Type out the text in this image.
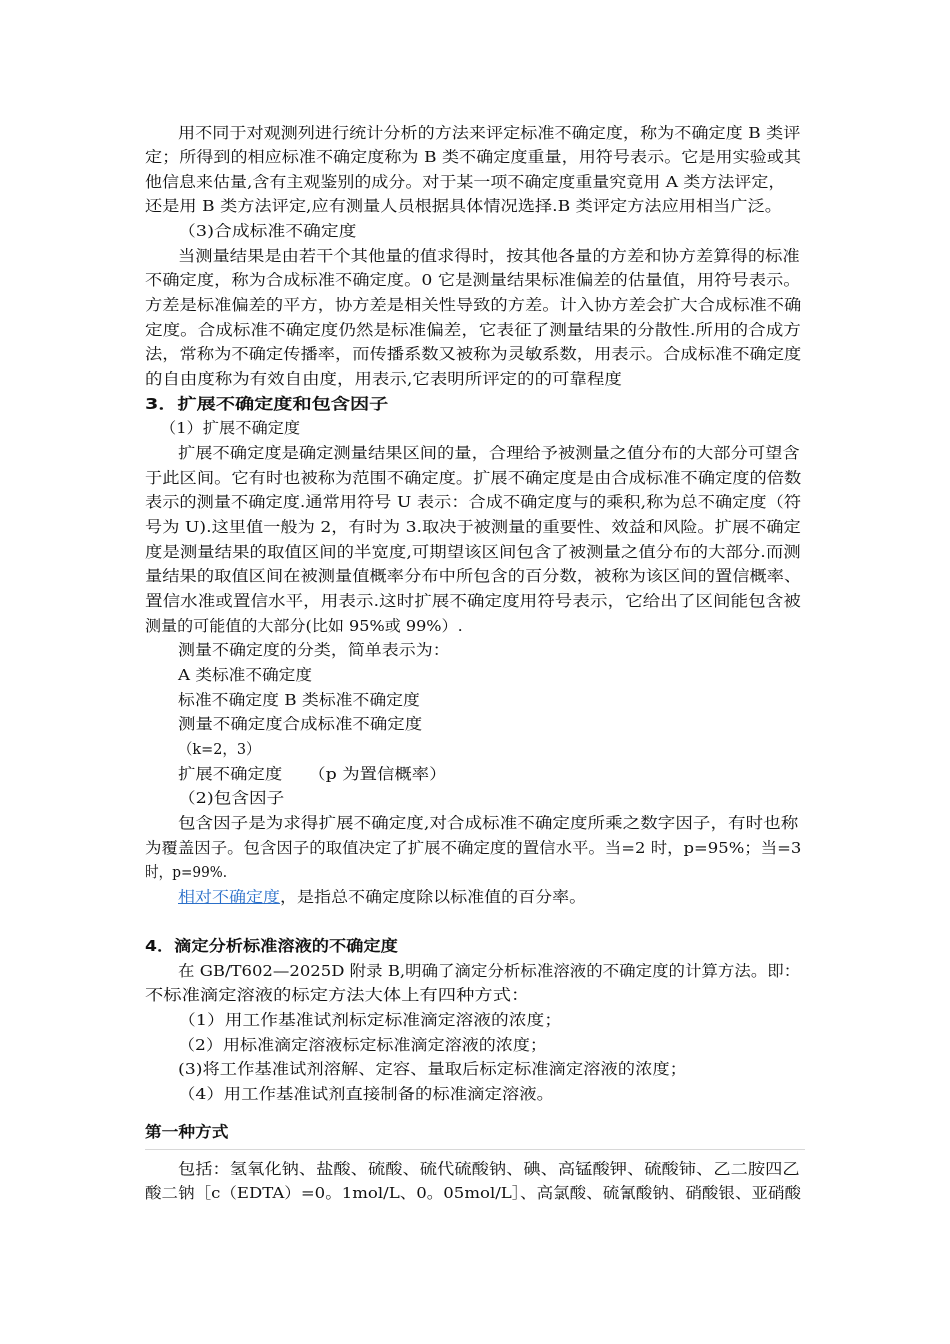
用不同于对观测列进行统计分析的方法来评定标准不确定度，称为不确定度 B 类评
定；所得到的相应标准不确定度称为 B 类不确定度重量，用符号表示。它是用实验或其
他信息来估量,含有主观鉴别的成分。对于某一项不确定度重量究竟用 A 类方法评定，
还是用 B 类方法评定,应有测量人员根据具体情况选择.B 类评定方法应用相当广泛。
（3)合成标准不确定度
当测量结果是由若干个其他量的值求得时，按其他各量的方差和协方差算得的标准
不确定度，称为合成标准不确定度。0 它是测量结果标准偏差的估量值，用符号表示。
方差是标准偏差的平方，协方差是相关性导致的方差。计入协方差会扩大合成标准不确
定度。合成标准不确定度仍然是标准偏差，它表征了测量结果的分散性.所用的合成方
法，常称为不确定传播率，而传播系数又被称为灵敏系数，用表示。合成标准不确定度
的自由度称为有效自由度，用表示,它表明所评定的的可靠程度
3．扩展不确定度和包含因子
（1）扩展不确定度
扩展不确定度是确定测量结果区间的量，合理给予被测量之值分布的大部分可望含
于此区间。它有时也被称为范围不确定度。扩展不确定度是由合成标准不确定度的倍数
表示的测量不确定度.通常用符号 U 表示：合成不确定度与的乘积,称为总不确定度（符
号为 U).这里值一般为 2，有时为 3.取决于被测量的重要性、效益和风险。扩展不确定
度是测量结果的取值区间的半宽度,可期望该区间包含了被测量之值分布的大部分.而测
量结果的取值区间在被测量值概率分布中所包含的百分数，被称为该区间的置信概率、
置信水准或置信水平，用表示.这时扩展不确定度用符号表示，它给出了区间能包含被
测量的可能值的大部分(比如 95%或 99%）.
测量不确定度的分类，简单表示为：
A 类标准不确定度
标准不确定度 B 类标准不确定度
测量不确定度合成标准不确定度
（k=2，3）
扩展不确定度　　（p 为置信概率）
（2)包含因子
包含因子是为求得扩展不确定度,对合成标准不确定度所乘之数字因子，有时也称
为覆盖因子。包含因子的取值决定了扩展不确定度的置信水平。当=2 时，p=95%；当=3
时，p=99%.
相对不确定度，是指总不确定度除以标准值的百分率。
4．滴定分析标准溶液的不确定度
在 GB/T602—2025D 附录 B,明确了滴定分析标准溶液的不确定度的计算方法。即：
不标准滴定溶液的标定方法大体上有四种方式：
（1）用工作基准试剂标定标准滴定溶液的浓度；
（2）用标准滴定溶液标定标准滴定溶液的浓度；
(3)将工作基准试剂溶解、定容、量取后标定标准滴定溶液的浓度；
（4）用工作基准试剂直接制备的标准滴定溶液。
第一种方式
包括：氢氧化钠、盐酸、硫酸、硫代硫酸钠、碘、高锰酸钾、硫酸铈、乙二胺四乙
酸二钠［c（EDTA）=0。1mol/L、0。05mol/L］、高氯酸、硫氰酸钠、硝酸银、亚硝酸
